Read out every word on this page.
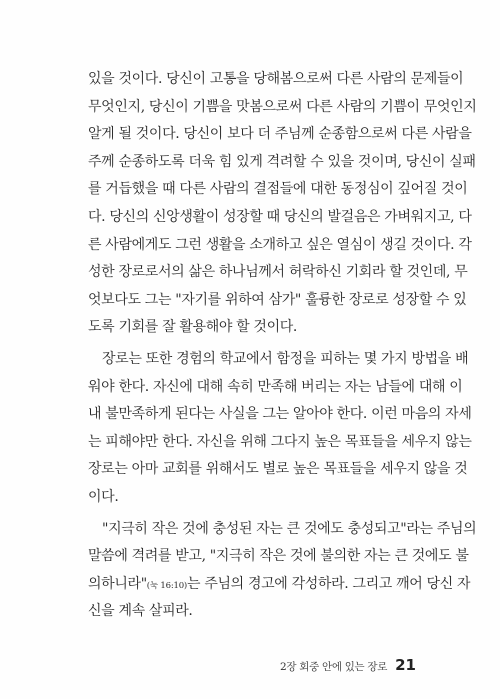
있을 것이다. 당신이 고통을 당해봄으로써 다른 사람의 문제들이
무엇인지, 당신이 기쁨을 맛봄으로써 다른 사람의 기쁨이 무엇인지
알게 될 것이다. 당신이 보다 더 주님께 순종함으로써 다른 사람을
주께 순종하도록 더욱 힘 있게 격려할 수 있을 것이며, 당신이 실패
를 거듭했을 때 다른 사람의 결점들에 대한 동정심이 깊어질 것이
다. 당신의 신앙생활이 성장할 때 당신의 발걸음은 가벼워지고, 다
른 사람에게도 그런 생활을 소개하고 싶은 열심이 생길 것이다. 각
성한 장로로서의 삶은 하나님께서 허락하신 기회라 할 것인데, 무
엇보다도 그는 "자기를 위하여 삼가" 훌륭한 장로로 성장할 수 있
도록 기회를 잘 활용해야 할 것이다.
장로는 또한 경험의 학교에서 함정을 피하는 몇 가지 방법을 배
워야 한다. 자신에 대해 속히 만족해 버리는 자는 남들에 대해 이
내 불만족하게 된다는 사실을 그는 알아야 한다. 이런 마음의 자세
는 피해야만 한다. 자신을 위해 그다지 높은 목표들을 세우지 않는
장로는 아마 교회를 위해서도 별로 높은 목표들을 세우지 않을 것
이다.
"지극히 작은 것에 충성된 자는 큰 것에도 충성되고"라는 주님의
말씀에 격려를 받고, "지극히 작은 것에 불의한 자는 큰 것에도 불
의하니라"(눅 16:10)는 주님의 경고에 각성하라. 그리고 깨어 당신 자
신을 계속 살피라.
2장 회중 안에 있는 장로 21
